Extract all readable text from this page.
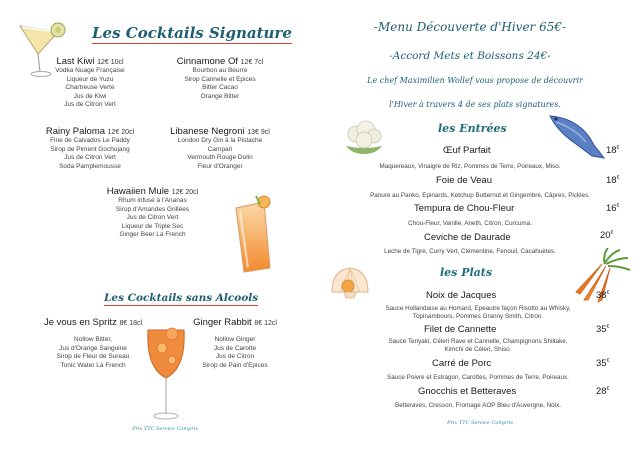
Les Cocktails Signature
Last Kiwi 12€ 10cl
Vodka Nuage Française
Liqueur de Yuzu
Chartreuse Verte
Jus de Kiwi
Jus de Citron Vert
Cinnamone Of 12€ 7cl
Bourbon au Beurre
Sirop Cannelle et Epices
Bitter Cacao
Orange Bitter
Rainy Paloma 12€ 20cl
Fine de Calvados Le Paddy
Sirop de Piment Gochujang
Jus de Citron Vert
Soda Pamplemousse
Libanese Negroni 13€ 9cl
London Dry Gin à la Pistache
Campari
Vermouth Rouge Dolin
Fleur d'Oranger
Hawaiien Mule 12€ 20cl
Rhum infusé à l'Ananas
Sirop d'Amandes Grillées
Jus de Citron Vert
Liqueur de Triple Sec
Ginger Beer La French
Les Cocktails sans Alcools
Je vous en Spritz 8€ 18cl
Nollow Bitter,
Jus d'Orange Sanguine
Sirop de Fleur de Sureau
Tonic Water La French
Ginger Rabbit 8€ 12cl
Nollow Ginger
Jus de Carotte
Jus de Citron
Sirop de Pain d'Epices
Prix TTC Service Compris
-Menu Découverte d'Hiver 65€-
-Accord Mets et Boissons 24€-
Le chef Maximilien Wollef vous propose de découvrir
l'Hiver à travers 4 de ses plats signatures.
les Entrées
Œuf Parfait	18€
Maquereaux, Vinaigre de Riz, Pommes de Terre, Poireaux, Miso.
Foie de Veau	18€
Panure au Panko, Epinards, Ketchup Butternut et Gingembre, Câpres, Pickles.
Tempura de Chou-Fleur	16€
Chou-Fleur, Vanille, Aneth, Citron, Curcuma.
Ceviche de Daurade	20€
Leche de Tigre, Curry Vert, Clémentine, Fenouil, Cacahuètes.
les Plats
Noix de Jacques	38€
Sauce Hollandaise au Homard, Epeautre façon Risotto au Whisky,
Topinambours, Pommes Granny Smith, Citron.
Filet de Cannette	35€
Sauce Teriyaki, Céleri Rave et Cannelle, Champignons Shiitake,
Kimchi de Céleri, Shiso.
Carré de Porc	35€
Sauce Poivre et Estragon, Carottes, Pommes de Terre, Poireaux.
Gnocchis et Betteraves	28€
Betteraves, Cresson, Fromage AOP Bleu d'Auvergne, Noix.
Prix TTC Service Compris
